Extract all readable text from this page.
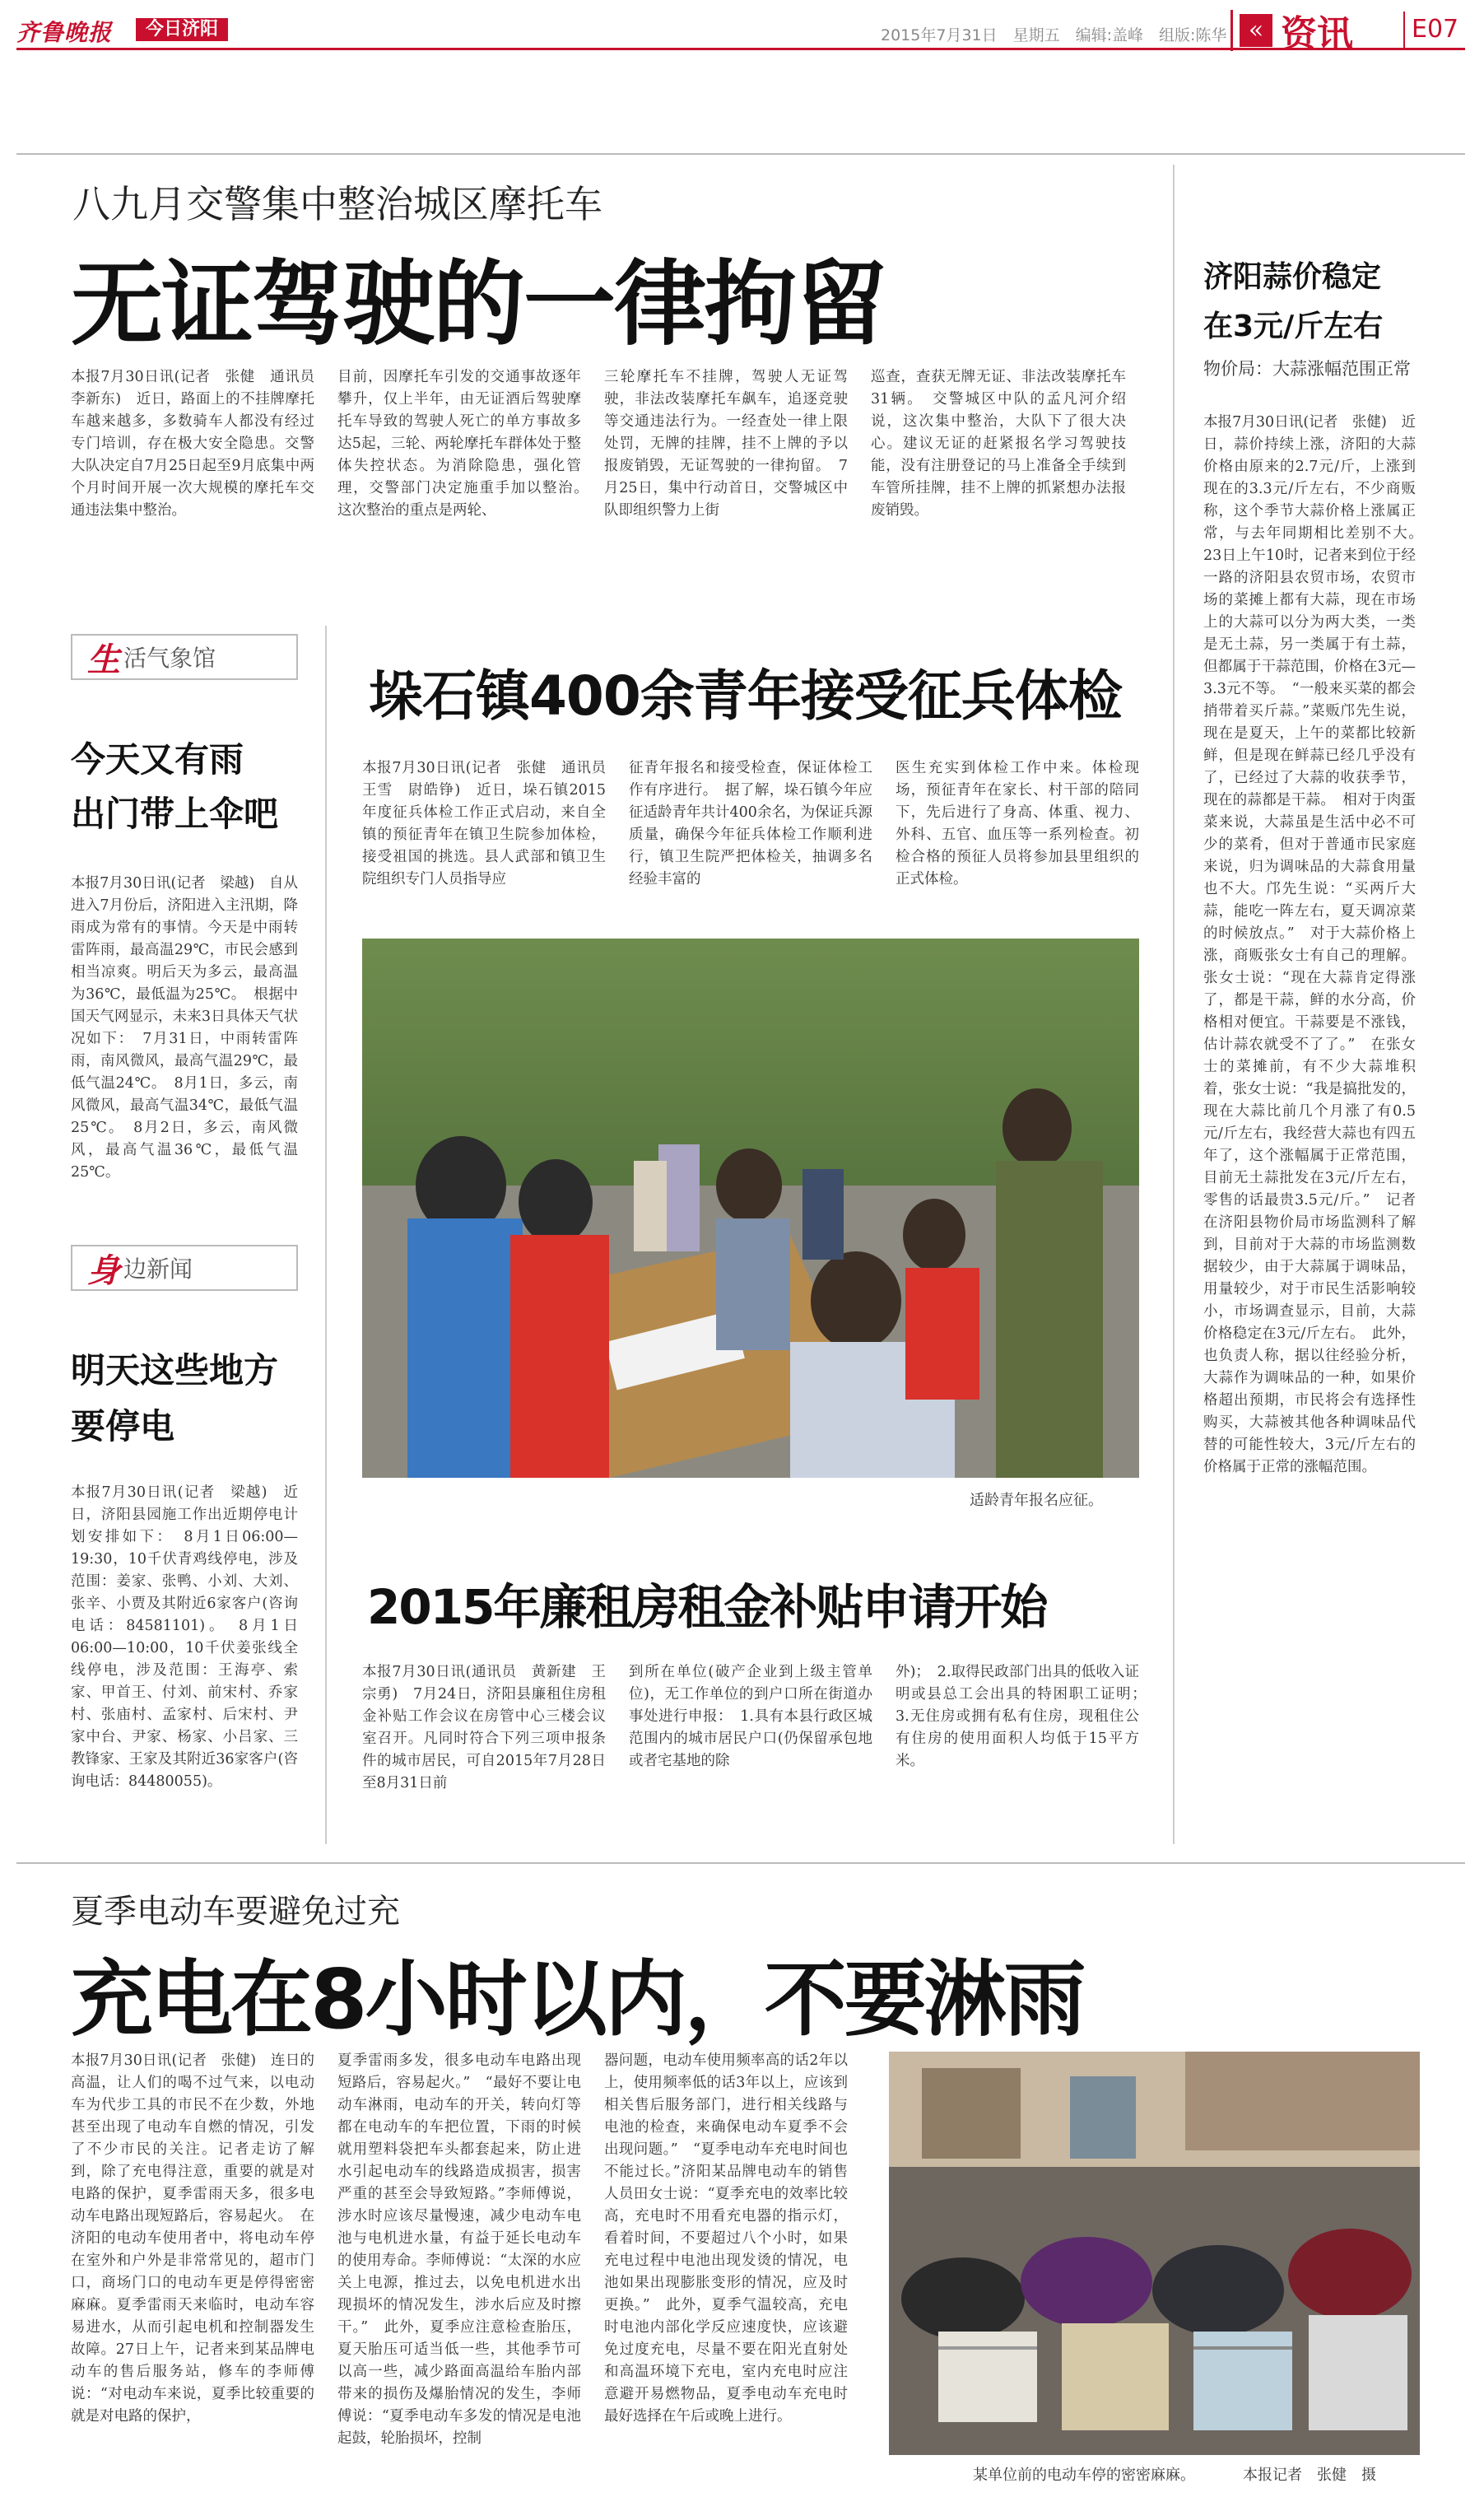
齐鲁晚报	今日济阳	2015年7月31日　星期五　编辑:盖峰　组版:陈华 « 资讯 E07
八九月交警集中整治城区摩托车
无证驾驶的一律拘留
本报7月30日讯(记者　张健　通讯员　李新东)　近日，路面上的不挂牌摩托车越来越多，多数骑车人都没有经过专门培训，存在极大安全隐患。交警大队决定自7月25日起至9月底集中两个月时间开展一次大规模的摩托车交通违法集中整治。
目前，因摩托车引发的交通事故逐年攀升，仅上半年，由无证酒后驾驶摩托车导致的驾驶人死亡的单方事故多达5起，三轮、两轮摩托车群体处于整体失控状态。为消除隐患，强化管理，交警部门决定施重手加以整治。　这次整治的重点是两轮、
三轮摩托车不挂牌，驾驶人无证驾驶，非法改装摩托车飙车，追逐竞驶等交通违法行为。一经查处一律上限处罚，无牌的挂牌，挂不上牌的予以报废销毁，无证驾驶的一律拘留。　7月25日，集中行动首日，交警城区中队即组织警力上街
巡查，查获无牌无证、非法改装摩托车31辆。　交警城区中队的孟凡河介绍说，这次集中整治，大队下了很大决心。建议无证的赶紧报名学习驾驶技能，没有注册登记的马上准备全手续到车管所挂牌，挂不上牌的抓紧想办法报废销毁。
济阳蒜价稳定
在3元/斤左右
物价局：大蒜涨幅范围正常
本报7月30日讯(记者　张健)　近日，蒜价持续上涨，济阳的大蒜价格由原来的2.7元/斤，上涨到现在的3.3元/斤左右，不少商贩称，这个季节大蒜价格上涨属正常，与去年同期相比差别不大。　23日上午10时，记者来到位于经一路的济阳县农贸市场，农贸市场的菜摊上都有大蒜，现在市场上的大蒜可以分为两大类，一类是无土蒜，另一类属于有土蒜，但都属于干蒜范围，价格在3元—3.3元不等。　“一般来买菜的都会捎带着买斤蒜。”菜贩邝先生说，现在是夏天，上午的菜都比较新鲜，但是现在鲜蒜已经几乎没有了，已经过了大蒜的收获季节，现在的蒜都是干蒜。　相对于肉蛋菜来说，大蒜虽是生活中必不可少的菜肴，但对于普通市民家庭来说，归为调味品的大蒜食用量也不大。邝先生说：“买两斤大蒜，能吃一阵左右，夏天调凉菜的时候放点。”　对于大蒜价格上涨，商贩张女士有自己的理解。张女士说：“现在大蒜肯定得涨了，都是干蒜，鲜的水分高，价格相对便宜。干蒜要是不涨钱，估计蒜农就受不了了。”　在张女士的菜摊前，有不少大蒜堆积着，张女士说：“我是搞批发的，现在大蒜比前几个月涨了有0.5元/斤左右，我经营大蒜也有四五年了，这个涨幅属于正常范围，目前无土蒜批发在3元/斤左右，零售的话最贵3.5元/斤。”　记者在济阳县物价局市场监测科了解到，目前对于大蒜的市场监测数据较少，由于大蒜属于调味品，用量较少，对于市民生活影响较小，市场调查显示，目前，大蒜价格稳定在3元/斤左右。　此外，也负责人称，据以往经验分析，大蒜作为调味品的一种，如果价格超出预期，市民将会有选择性购买，大蒜被其他各种调味品代替的可能性较大，3元/斤左右的价格属于正常的涨幅范围。
生 活气象馆
今天又有雨
出门带上伞吧
本报7月30日讯(记者　梁越)　自从进入7月份后，济阳进入主汛期，降雨成为常有的事情。今天是中雨转雷阵雨，最高温29℃，市民会感到相当凉爽。明后天为多云，最高温为36℃，最低温为25℃。　根据中国天气网显示，未来3日具体天气状况如下：　7月31日，中雨转雷阵雨，南风微风，最高气温29℃，最低气温24℃。　8月1日，多云，南风微风，最高气温34℃，最低气温25℃。　8月2日，多云，南风微风，最高气温36℃，最低气温25℃。
身 边新闻
明天这些地方
要停电
本报7月30日讯(记者　梁越)　近日，济阳县园施工作出近期停电计划安排如下：　8月1日06:00—19:30，10千伏青鸡线停电，涉及范围：姜家、张鸭、小刘、大刘、张辛、小贾及其附近6家客户(咨询电话：84581101)。　8月1日06:00—10:00，10千伏姜张线全线停电，涉及范围：王海亭、索家、甲首王、付刘、前宋村、乔家村、张庙村、孟家村、后宋村、尹家中台、尹家、杨家、小吕家、三教锋家、王家及其附近36家客户(咨询电话：84480055)。
垛石镇400余青年接受征兵体检
本报7月30日讯(记者　张健　通讯员　王雪　尉皓铮)　近日，垛石镇2015年度征兵体检工作正式启动，来自全镇的预征青年在镇卫生院参加体检，接受祖国的挑选。县人武部和镇卫生院组织专门人员指导应
征青年报名和接受检查，保证体检工作有序进行。　据了解，垛石镇今年应征适龄青年共计400余名，为保证兵源质量，确保今年征兵体检工作顺利进行，镇卫生院严把体检关，抽调多名经验丰富的
医生充实到体检工作中来。体检现场，预征青年在家长、村干部的陪同下，先后进行了身高、体重、视力、外科、五官、血压等一系列检查。初检合格的预征人员将参加县里组织的正式体检。
适龄青年报名应征。
2015年廉租房租金补贴申请开始
本报7月30日讯(通讯员　黄新建　王宗勇)　7月24日，济阳县廉租住房租金补贴工作会议在房管中心三楼会议室召开。凡同时符合下列三项申报条件的城市居民，可自2015年7月28日至8月31日前
到所在单位(破产企业到上级主管单位)，无工作单位的到户口所在街道办事处进行申报：　1.具有本县行政区城范围内的城市居民户口(仍保留承包地或者宅基地的除
外)；　2.取得民政部门出具的低收入证明或县总工会出具的特困职工证明；　3.无住房或拥有私有住房，现租住公有住房的使用面积人均低于15平方米。
夏季电动车要避免过充
充电在8小时以内，不要淋雨
本报7月30日讯(记者　张健)　连日的高温，让人们的喝不过气来，以电动车为代步工具的市民不在少数，外地甚至出现了电动车自燃的情况，引发了不少市民的关注。记者走访了解到，除了充电得注意，重要的就是对电路的保护，夏季雷雨天多，很多电动车电路出现短路后，容易起火。　在济阳的电动车使用者中，将电动车停在室外和户外是非常常见的，超市门口，商场门口的电动车更是停得密密麻麻。夏季雷雨天来临时，电动车容易进水，从而引起电机和控制器发生故障。27日上午，记者来到某品牌电动车的售后服务站，修车的李师傅说：“对电动车来说，夏季比较重要的就是对电路的保护，
夏季雷雨多发，很多电动车电路出现短路后，容易起火。”　“最好不要让电动车淋雨，电动车的开关，转向灯等都在电动车的车把位置，下雨的时候就用塑料袋把车头都套起来，防止进水引起电动车的线路造成损害，损害严重的甚至会导致短路。”李师傅说，涉水时应该尽量慢速，减少电动车电池与电机进水量，有益于延长电动车的使用寿命。李师傅说：“太深的水应关上电源，推过去，以免电机进水出现损坏的情况发生，涉水后应及时擦干。”　此外，夏季应注意检查胎压，夏天胎压可适当低一些，其他季节可以高一些，减少路面高温给车胎内部带来的损伤及爆胎情况的发生，李师傅说：“夏季电动车多发的情况是电池起鼓，轮胎损坏，控制
器问题，电动车使用频率高的话2年以上，使用频率低的话3年以上，应该到相关售后服务部门，进行相关线路与电池的检查，来确保电动车夏季不会出现问题。”　“夏季电动车充电时间也不能过长。”济阳某品牌电动车的销售人员田女士说：“夏季充电的效率比较高，充电时不用看充电器的指示灯，看着时间，不要超过八个小时，如果充电过程中电池出现发烫的情况，电池如果出现膨胀变形的情况，应及时更换。”　此外，夏季气温较高，充电时电池内部化学反应速度快，应该避免过度充电，尽量不要在阳光直射处和高温环境下充电，室内充电时应注意避开易燃物品，夏季电动车充电时最好选择在午后或晚上进行。
某单位前的电动车停的密密麻麻。	本报记者　张健　摄
